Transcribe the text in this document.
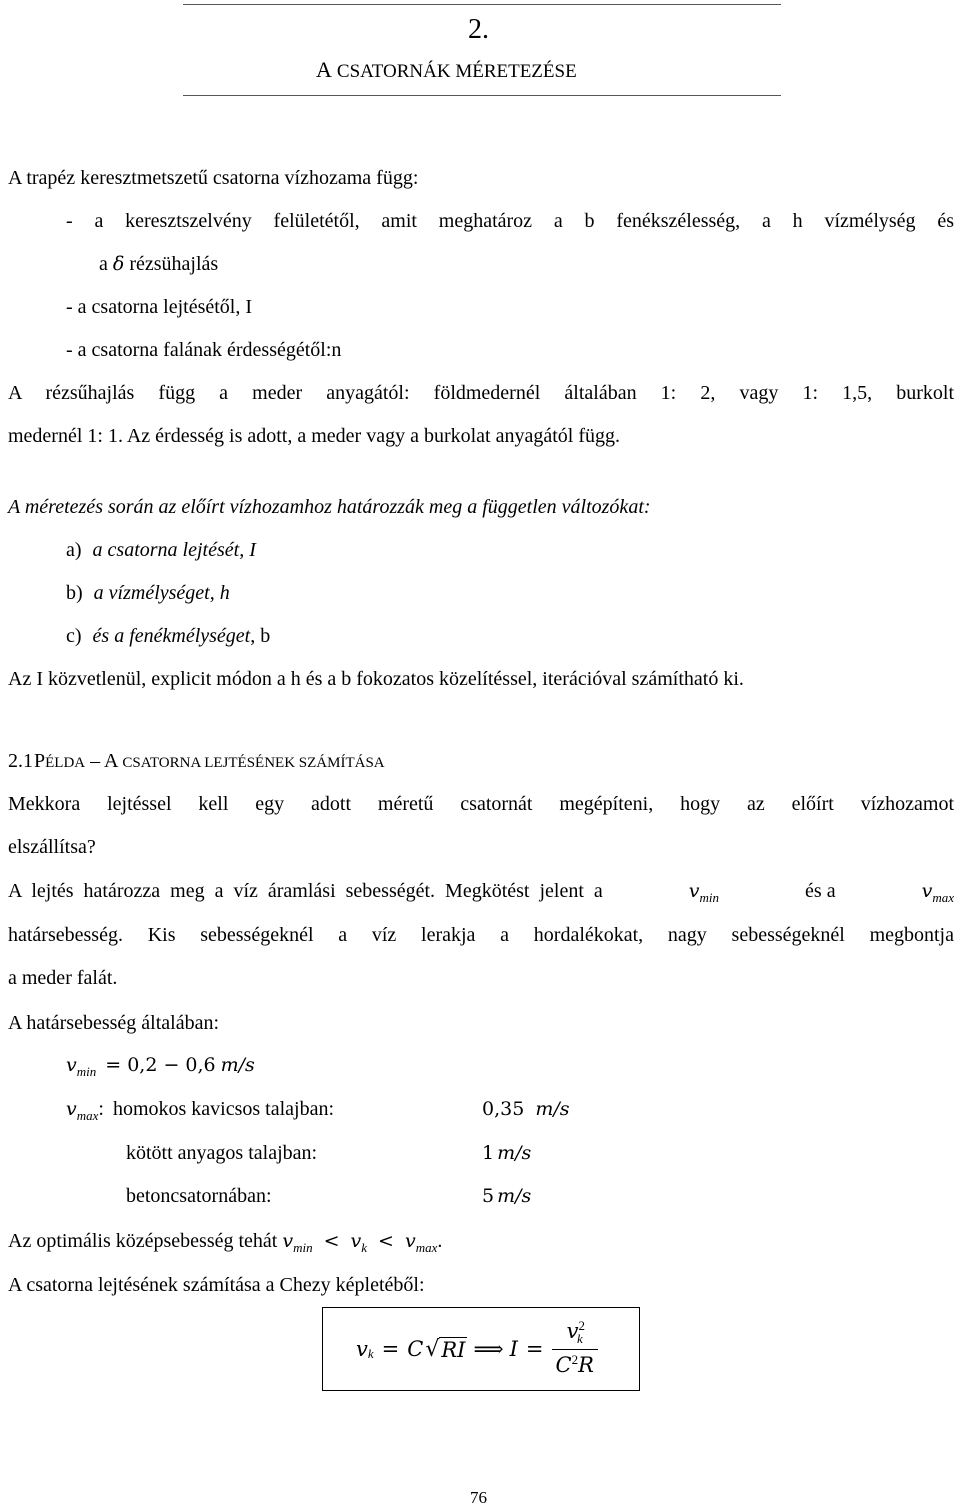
2.
A CSATORNÁK MÉRETEZÉSE
A trapéz keresztmetszetű csatorna vízhozama függ:
- a keresztszelvény felületétől, amit meghatároz a b fenékszélesség, a h vízmélység és
a δ rézsühajlás
- a csatorna lejtésétől, I
- a csatorna falának érdességétől:n
A rézsűhajlás függ a meder anyagától: földmedernél általában 1: 2, vagy 1: 1,5, burkolt
medernél 1: 1. Az érdesség is adott, a meder vagy a burkolat anyagától függ.
A méretezés során az előírt vízhozamhoz határozzák meg a független változókat:
a) a csatorna lejtését, I
b) a vízmélységet, h
c) és a fenékmélységet, b
Az I közvetlenül, explicit módon a h és a b fokozatos közelítéssel, iterációval számítható ki.
2.1 PÉLDA – A CSATORNA LEJTÉSÉNEK SZÁMÍTÁSA
Mekkora lejtéssel kell egy adott méretű csatornát megépíteni, hogy az előírt vízhozamot
elszállítsa?
A lejtés határozza meg a víz áramlási sebességét. Megkötést jelent a	$v_{min}$	és a	$v_{max}$
határsebesség. Kis sebességeknél a víz lerakja a hordalékokat, nagy sebességeknél megbontja
a meder falát.
A határsebesség általában:
$v_{min} = 0,2 - 0,6$ m/s
$v_{max}$: homokos kavicsos talajban:	0,35 m/s
kötött anyagos talajban:	1 m/s
betoncsatornában:	5 m/s
Az optimális középsebesség tehát $v_{min} < v_k < v_{max}$.
A csatorna lejtésének számítása a Chezy képletéből:
v k = C √ RI ⟹ $I = \frac{v^2_k}{C^2R}$
76
